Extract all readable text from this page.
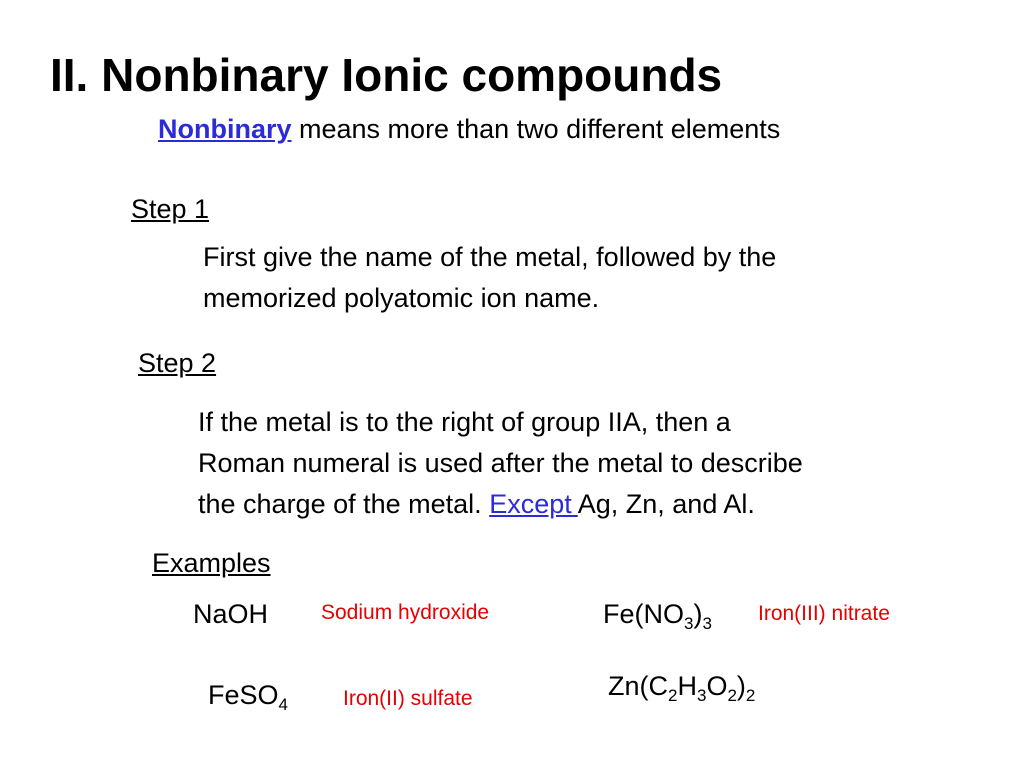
II. Nonbinary Ionic compounds
Nonbinary means more than two different elements
Step 1
First give the name of the metal, followed by the
memorized polyatomic ion name.
Step 2
If the metal is to the right of group IIA, then a
Roman numeral is used after the metal to describe
the charge of the metal. Except Ag, Zn, and Al.
Examples
NaOH	Sodium hydroxide	$Fe(NO_3)_3$ Iron(III) nitrate
FeSO$_4$	Iron(II) sulfate	$Zn(C_2H_3O_2)_2$
